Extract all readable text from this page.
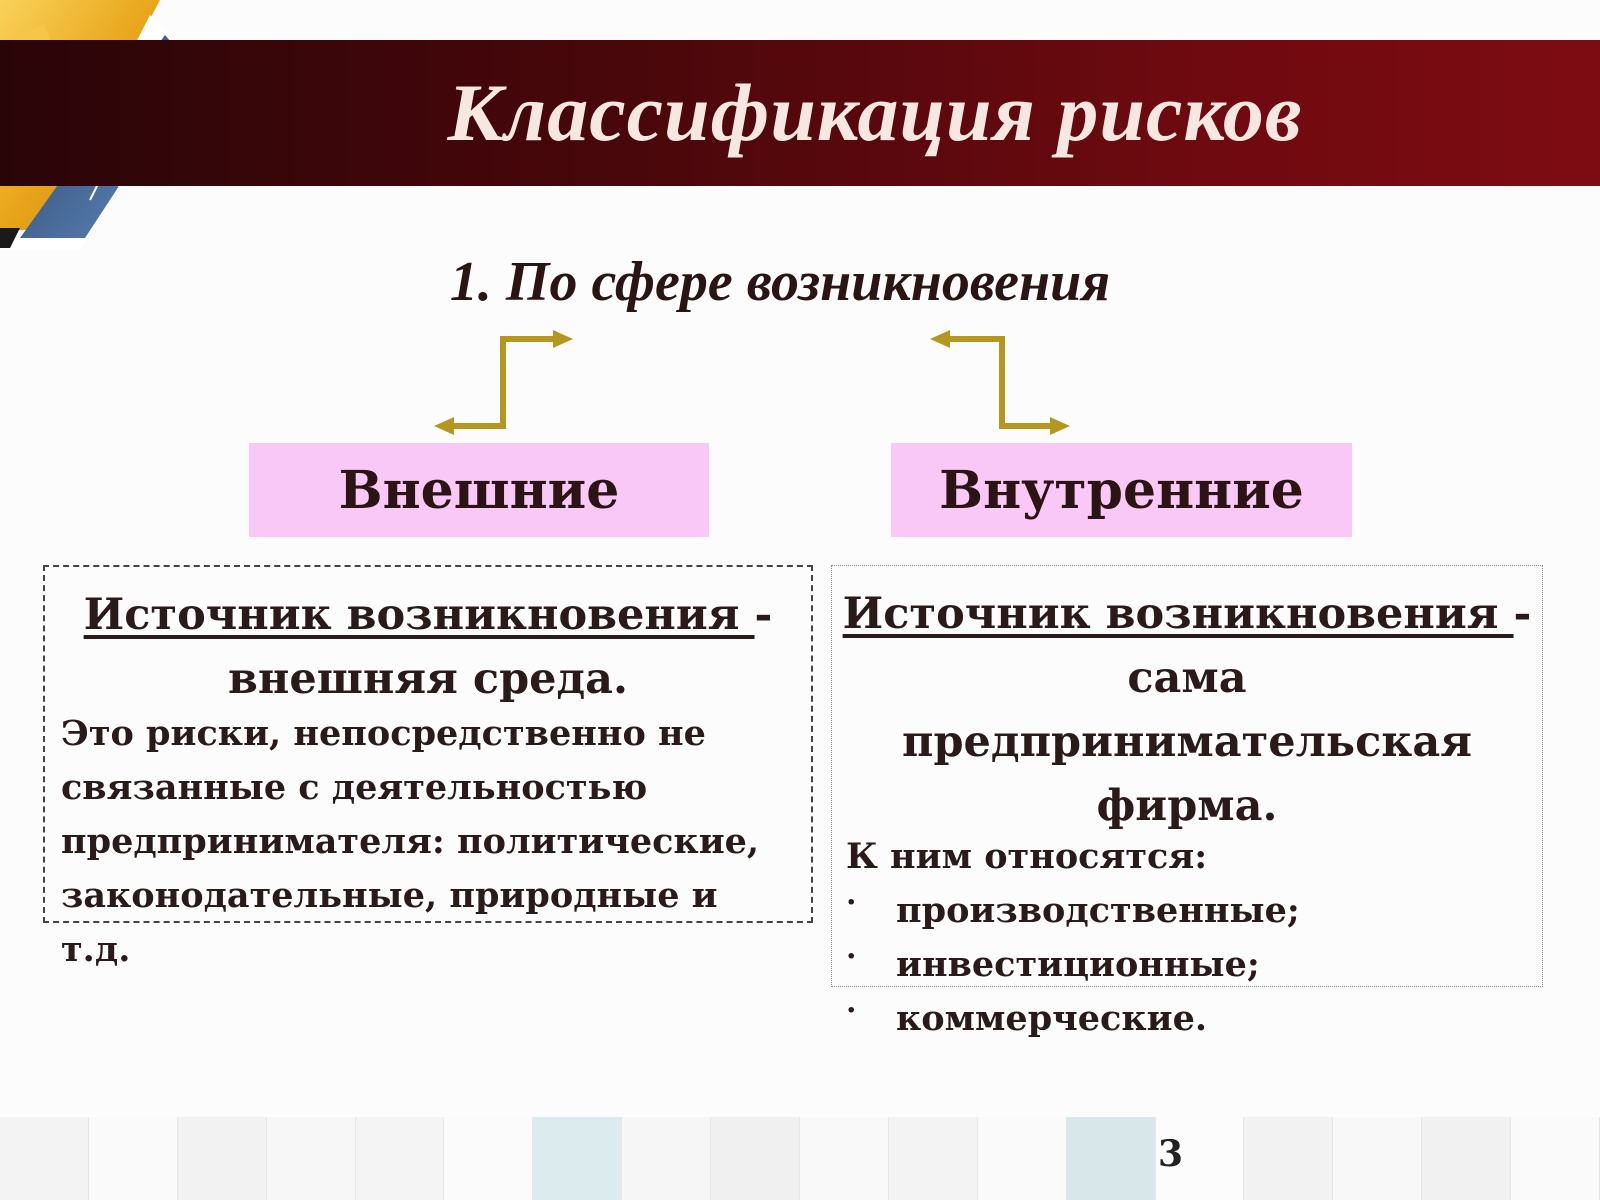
Классификация рисков
1. По сфере возникновения
Внешние	Внутренние
Источник возникновения -
внешняя среда.
Это риски, непосредственно не
связанные с деятельностью
предпринимателя: политические,
законодательные, природные и т.д.
Источник возникновения -
сама
предпринимательская
фирма.
К ним относятся:
· производственные;
· инвестиционные;
· коммерческие.
3
